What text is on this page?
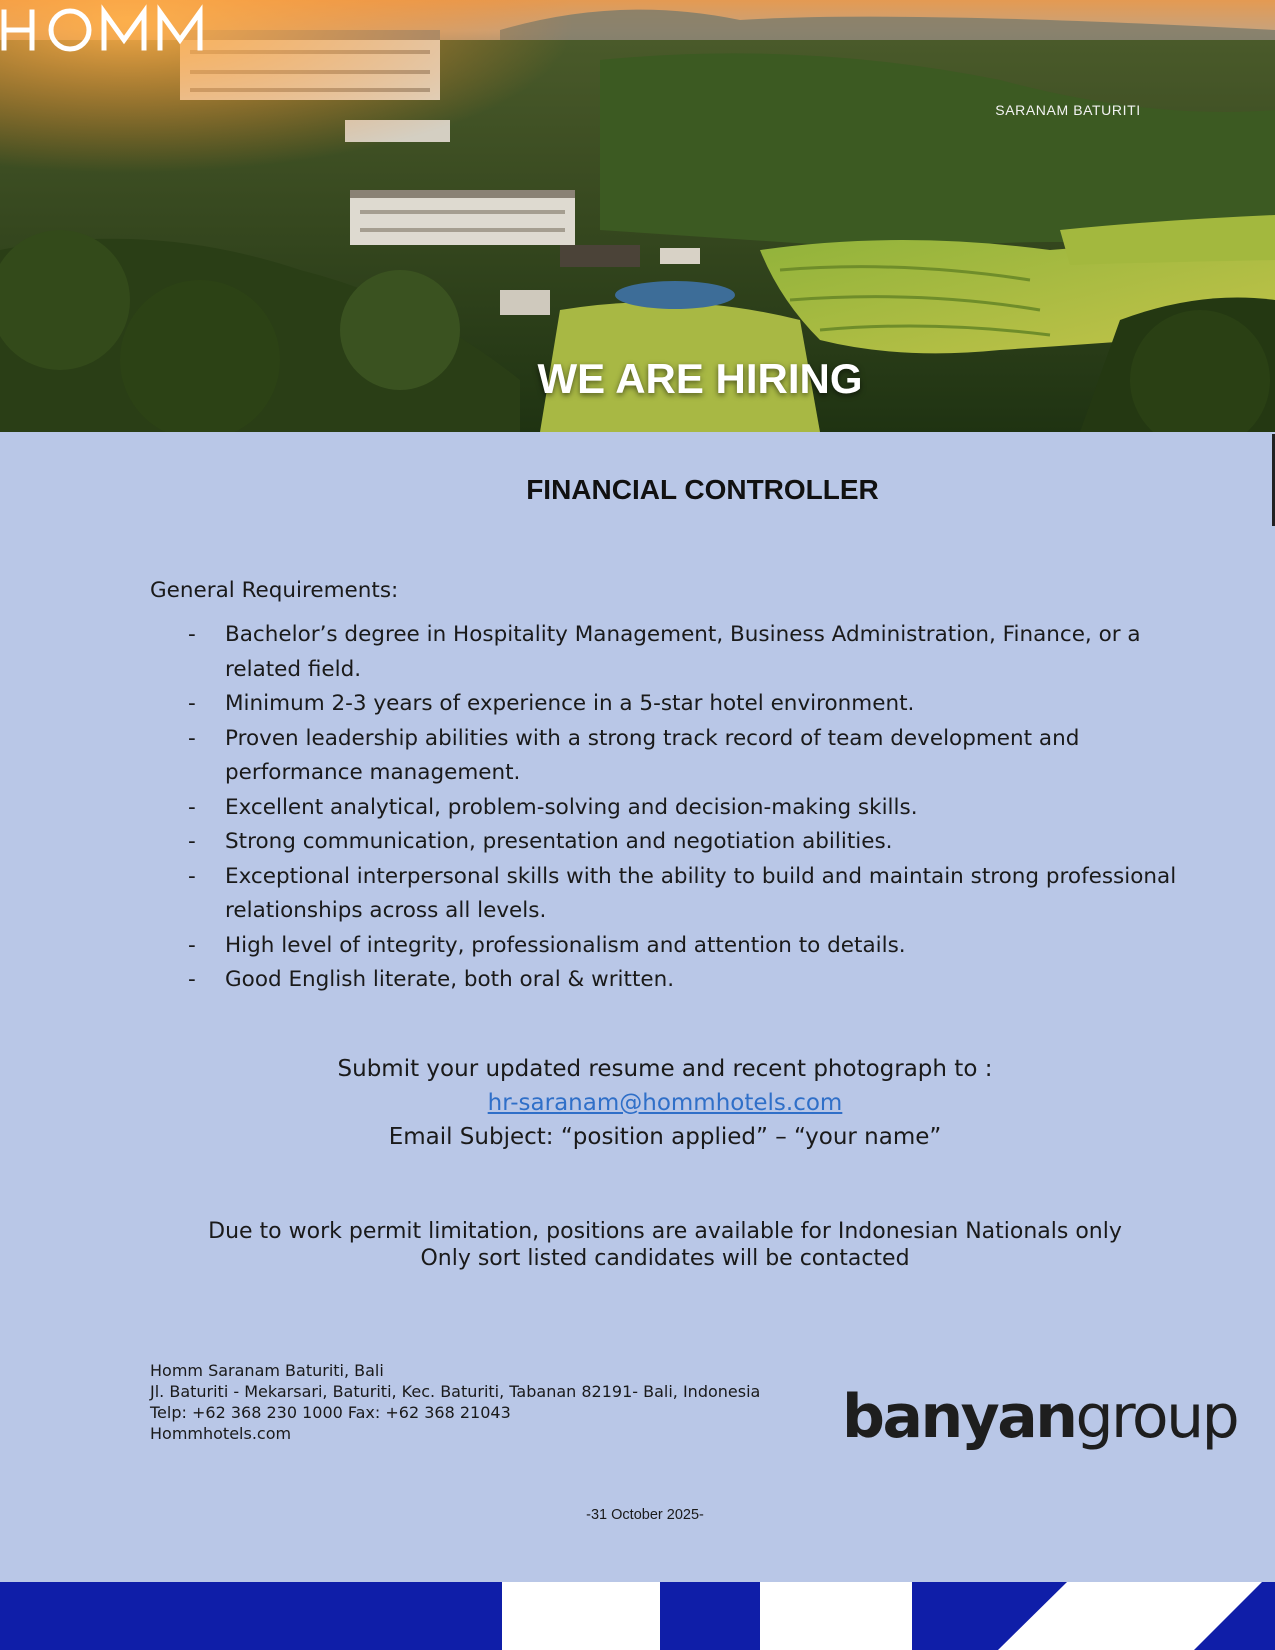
SARANAM BATURITI
WE ARE HIRING
FINANCIAL CONTROLLER
General Requirements:
- Bachelor’s degree in Hospitality Management, Business Administration, Finance, or a related field.
- Minimum 2-3 years of experience in a 5-star hotel environment.
- Proven leadership abilities with a strong track record of team development and performance management.
- Excellent analytical, problem-solving and decision-making skills.
- Strong communication, presentation and negotiation abilities.
- Exceptional interpersonal skills with the ability to build and maintain strong professional relationships across all levels.
- High level of integrity, professionalism and attention to details.
- Good English literate, both oral & written.
Submit your updated resume and recent photograph to :
hr-saranam@hommhotels.com
Email Subject: “position applied” – “your name”
Due to work permit limitation, positions are available for Indonesian Nationals only
Only sort listed candidates will be contacted
Homm Saranam Baturiti, Bali
Jl. Baturiti - Mekarsari, Baturiti, Kec. Baturiti, Tabanan 82191- Bali, Indonesia
Telp: +62 368 230 1000 Fax: +62 368 21043
Hommhotels.com	banyangroup
-31 October 2025-
